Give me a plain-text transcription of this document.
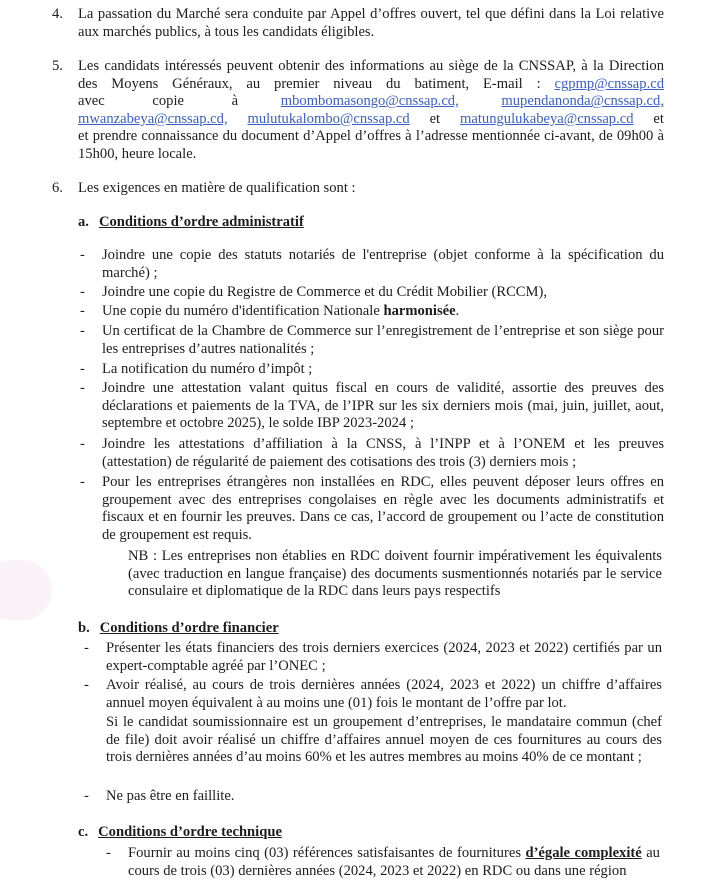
4. La passation du Marché sera conduite par Appel d’offres ouvert, tel que défini dans la Loi relative aux marchés publics, à tous les candidats éligibles.
5. Les candidats intéressés peuvent obtenir des informations au siège de la CNSSAP, à la Direction des Moyens Généraux, au premier niveau du batiment, E-mail : cgpmp@cnssap.cd
avec copie à	mbombomasongo@cnssap.cd,	mupendanonda@cnssap.cd,
mwanzabeya@cnssap.cd, mulutukalombo@cnssap.cd et matungulukabeya@cnssap.cd et
et prendre connaissance du document d’Appel d’offres à l’adresse mentionnée ci-avant, de 09h00 à 15h00, heure locale.
6. Les exigences en matière de qualification sont :
a. Conditions d’ordre administratif
- Joindre une copie des statuts notariés de l'entreprise (objet conforme à la spécification du marché) ;
- Joindre une copie du Registre de Commerce et du Crédit Mobilier (RCCM),
- Une copie du numéro d'identification Nationale harmonisée.
- Un certificat de la Chambre de Commerce sur l’enregistrement de l’entreprise et son siège pour les entreprises d’autres nationalités ;
- La notification du numéro d’impôt ;
- Joindre une attestation valant quitus fiscal en cours de validité, assortie des preuves des déclarations et paiements de la TVA, de l’IPR sur les six derniers mois (mai, juin, juillet, aout, septembre et octobre 2025), le solde IBP 2023-2024 ;
- Joindre les attestations d’affiliation à la CNSS, à l’INPP et à l’ONEM et les preuves (attestation) de régularité de paiement des cotisations des trois (3) derniers mois ;
- Pour les entreprises étrangères non installées en RDC, elles peuvent déposer leurs offres en groupement avec des entreprises congolaises en règle avec les documents administratifs et fiscaux et en fournir les preuves. Dans ce cas, l’accord de groupement ou l’acte de constitution de groupement est requis.
NB : Les entreprises non établies en RDC doivent fournir impérativement les équivalents (avec traduction en langue française) des documents susmentionnés notariés par le service consulaire et diplomatique de la RDC dans leurs pays respectifs
b. Conditions d’ordre financier
- Présenter les états financiers des trois derniers exercices (2024, 2023 et 2022) certifiés par un expert-comptable agréé par l’ONEC ;
- Avoir réalisé, au cours de trois dernières années (2024, 2023 et 2022) un chiffre d’affaires annuel moyen équivalent à au moins une (01) fois le montant de l’offre par lot.
Si le candidat soumissionnaire est un groupement d’entreprises, le mandataire commun (chef de file) doit avoir réalisé un chiffre d’affaires annuel moyen de ces fournitures au cours des trois dernières années d’au moins 60% et les autres membres au moins 40% de ce montant ;
- Ne pas être en faillite.
c. Conditions d’ordre technique
- Fournir au moins cinq (03) références satisfaisantes de fournitures d’égale complexité au cours de trois (03) dernières années (2024, 2023 et 2022) en RDC ou dans une région
